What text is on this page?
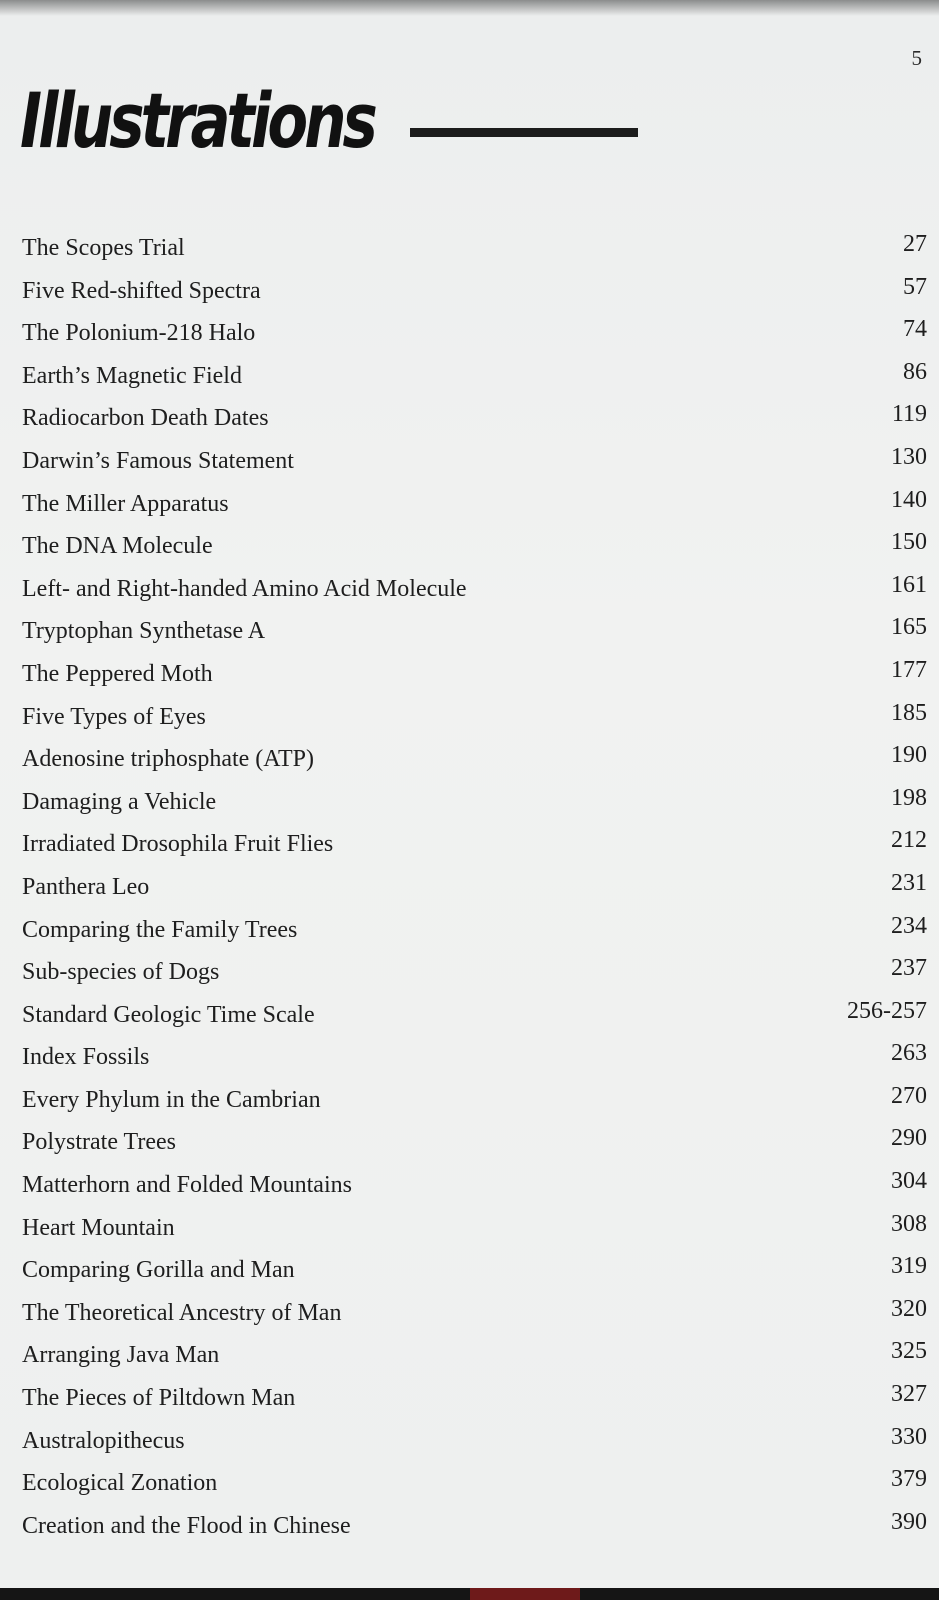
5
Illustrations
The Scopes Trial	27
Five Red-shifted Spectra	57
The Polonium-218 Halo	74
Earth’s Magnetic Field	86
Radiocarbon Death Dates	119
Darwin’s Famous Statement	130
The Miller Apparatus	140
The DNA Molecule	150
Left- and Right-handed Amino Acid Molecule	161
Tryptophan Synthetase A	165
The Peppered Moth	177
Five Types of Eyes	185
Adenosine triphosphate (ATP)	190
Damaging a Vehicle	198
Irradiated Drosophila Fruit Flies	212
Panthera Leo	231
Comparing the Family Trees	234
Sub-species of Dogs	237
Standard Geologic Time Scale	256-257
Index Fossils	263
Every Phylum in the Cambrian	270
Polystrate Trees	290
Matterhorn and Folded Mountains	304
Heart Mountain	308
Comparing Gorilla and Man	319
The Theoretical Ancestry of Man	320
Arranging Java Man	325
The Pieces of Piltdown Man	327
Australopithecus	330
Ecological Zonation	379
Creation and the Flood in Chinese	390
